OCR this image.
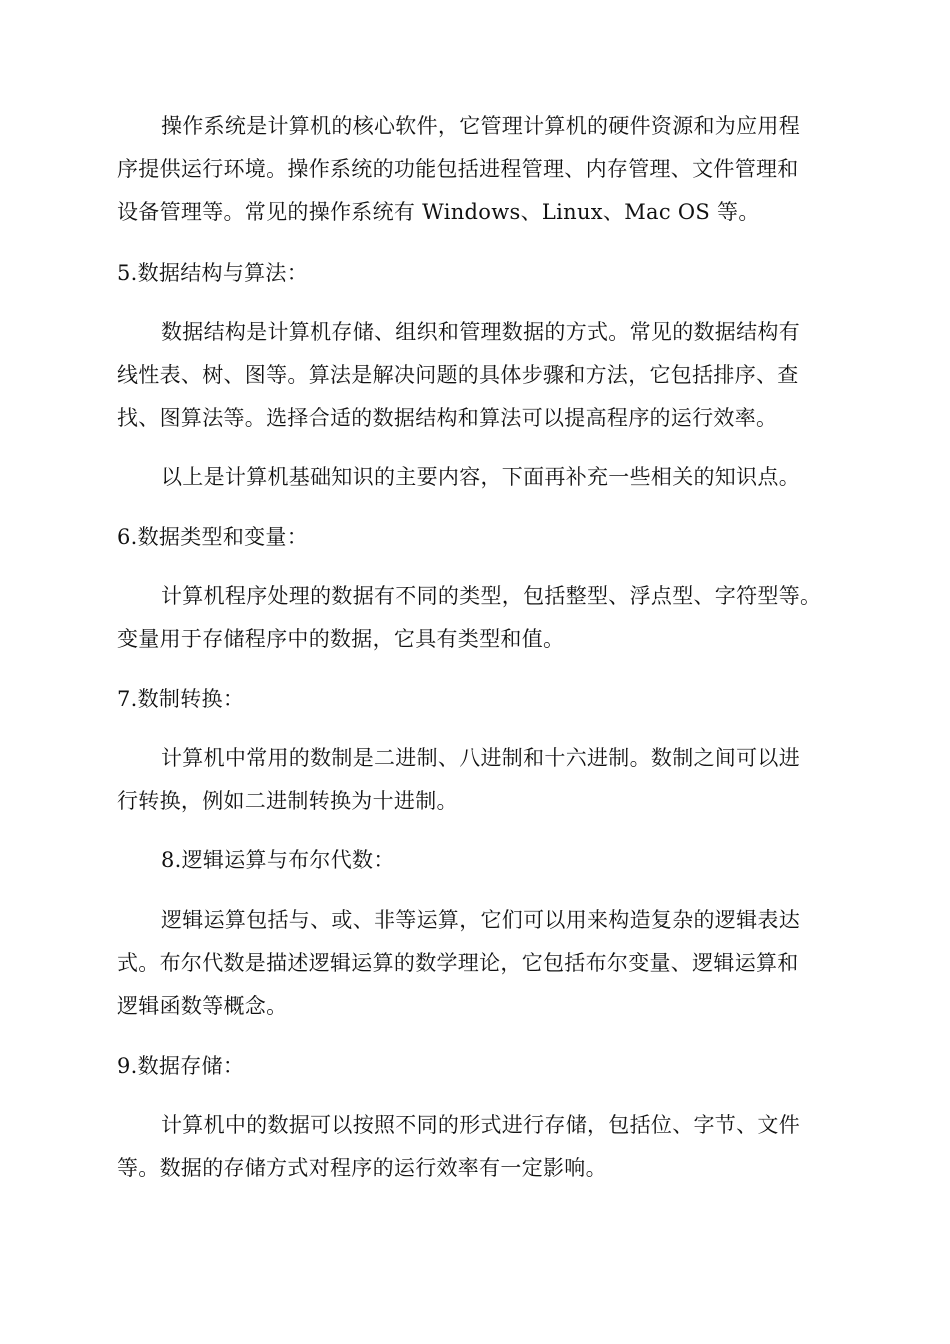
操作系统是计算机的核心软件，它管理计算机的硬件资源和为应用程

序提供运行环境。操作系统的功能包括进程管理、内存管理、文件管理和

设备管理等。常见的操作系统有 Windows、Linux、Mac OS 等。

5.数据结构与算法：

数据结构是计算机存储、组织和管理数据的方式。常见的数据结构有

线性表、树、图等。算法是解决问题的具体步骤和方法，它包括排序、查

找、图算法等。选择合适的数据结构和算法可以提高程序的运行效率。

以上是计算机基础知识的主要内容，下面再补充一些相关的知识点。

6.数据类型和变量：

计算机程序处理的数据有不同的类型，包括整型、浮点型、字符型等。

变量用于存储程序中的数据，它具有类型和值。

7.数制转换：

计算机中常用的数制是二进制、八进制和十六进制。数制之间可以进

行转换，例如二进制转换为十进制。

8.逻辑运算与布尔代数：

逻辑运算包括与、或、非等运算，它们可以用来构造复杂的逻辑表达

式。布尔代数是描述逻辑运算的数学理论，它包括布尔变量、逻辑运算和

逻辑函数等概念。

9.数据存储：

计算机中的数据可以按照不同的形式进行存储，包括位、字节、文件

等。数据的存储方式对程序的运行效率有一定影响。
